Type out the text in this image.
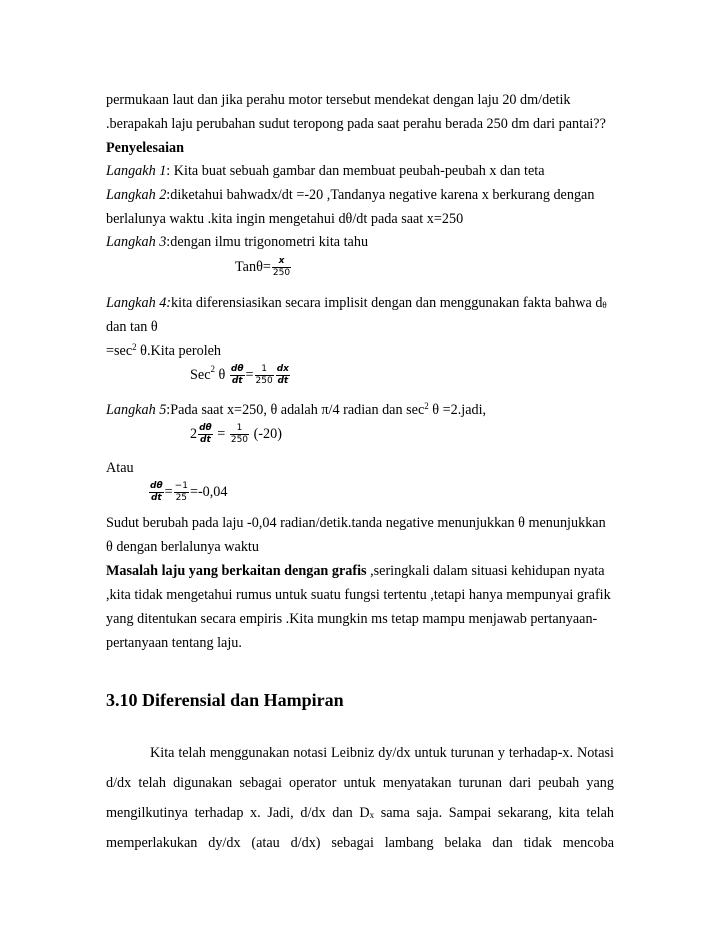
permukaan laut dan jika perahu motor tersebut mendekat dengan laju 20 dm/detik
.berapakah laju perubahan sudut teropong pada saat perahu berada 250 dm dari pantai??
Penyelesaian
Langakh 1: Kita buat sebuah gambar dan membuat peubah-peubah x dan teta
Langkah 2:diketahui bahwadx/dt =-20 ,Tandanya negative karena x berkurang dengan
berlalunya waktu .kita ingin mengetahui dθ/dt pada saat x=250
Langkah 3:dengan ilmu trigonometri kita tahu
$Tan\theta= \frac{x}{250}$
Langkah 4:kita diferensiasikan secara implisit dengan dan menggunakan fakta bahwa $d_\theta$
dan tan θ
$=\sec^2$ θ.Kita peroleh
Sec$^2$ θ $\frac{d\theta}{dt} = \frac{1}{250} \frac{dx}{dt}$
Langkah 5:Pada saat x=250, θ adalah π/4 radian dan $\sec^2 \theta$ =2.jadi,
$2 \frac{d\theta}{dt} = \frac{1}{250} (-20)$
Atau
$\frac{d\theta}{dt} = \frac{-1}{25} =-0,04$
Sudut berubah pada laju -0,04 radian/detik.tanda negative menunjukkan θ menunjukkan
θ dengan berlalunya waktu
Masalah laju yang berkaitan dengan grafis ,seringkali dalam situasi kehidupan nyata
,kita tidak mengetahui rumus untuk suatu fungsi tertentu ,tetapi hanya mempunyai grafik
yang ditentukan secara empiris .Kita mungkin ms tetap mampu menjawab pertanyaan-
pertanyaan tentang laju.
3.10 Diferensial dan Hampiran
Kita telah menggunakan notasi Leibniz dy/dx untuk turunan y terhadap-x. Notasi
d/dx telah digunakan sebagai operator untuk menyatakan turunan dari peubah yang
mengilkutinya terhadap x. Jadi, d/dx dan $D_x$ sama saja. Sampai sekarang, kita telah
memperlakukan dy/dx (atau d/dx) sebagai lambang belaka dan tidak mencoba
